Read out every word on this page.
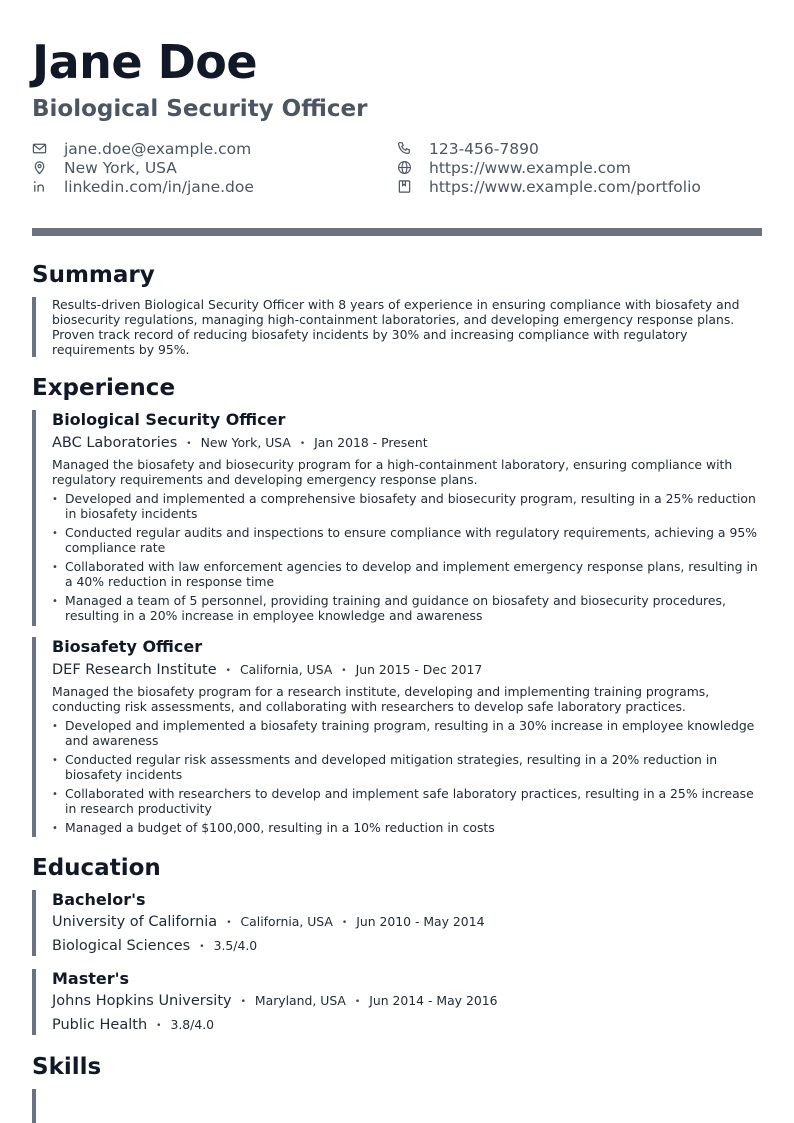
Jane Doe
Biological Security Officer
jane.doe@example.com
New York, USA
linkedin.com/in/jane.doe
123-456-7890
https://www.example.com
https://www.example.com/portfolio
Summary

Results-driven Biological Security Officer with 8 years of experience in ensuring compliance with biosafety and biosecurity regulations, managing high-containment laboratories, and developing emergency response plans. Proven track record of reducing biosafety incidents by 30% and increasing compliance with regulatory requirements by 95%.

Experience
Biological Security Officer
ABC Laboratories • New York, USA • Jan 2018 - Present

Managed the biosafety and biosecurity program for a high-containment laboratory, ensuring compliance with regulatory requirements and developing emergency response plans.

• Developed and implemented a comprehensive biosafety and biosecurity program, resulting in a 25% reduction in biosafety incidents
• Conducted regular audits and inspections to ensure compliance with regulatory requirements, achieving a 95% compliance rate
• Collaborated with law enforcement agencies to develop and implement emergency response plans, resulting in a 40% reduction in response time
• Managed a team of 5 personnel, providing training and guidance on biosafety and biosecurity procedures, resulting in a 20% increase in employee knowledge and awareness
Biosafety Officer
DEF Research Institute • California, USA • Jun 2015 - Dec 2017

Managed the biosafety program for a research institute, developing and implementing training programs, conducting risk assessments, and collaborating with researchers to develop safe laboratory practices.

• Developed and implemented a biosafety training program, resulting in a 30% increase in employee knowledge and awareness
• Conducted regular risk assessments and developed mitigation strategies, resulting in a 20% reduction in biosafety incidents
• Collaborated with researchers to develop and implement safe laboratory practices, resulting in a 25% increase in research productivity
• Managed a budget of $100,000, resulting in a 10% reduction in costs
Education
Bachelor's
University of California • California, USA • Jun 2010 - May 2014
Biological Sciences • 3.5/4.0
Master's
Johns Hopkins University • Maryland, USA • Jun 2014 - May 2016
Public Health • 3.8/4.0
Skills
